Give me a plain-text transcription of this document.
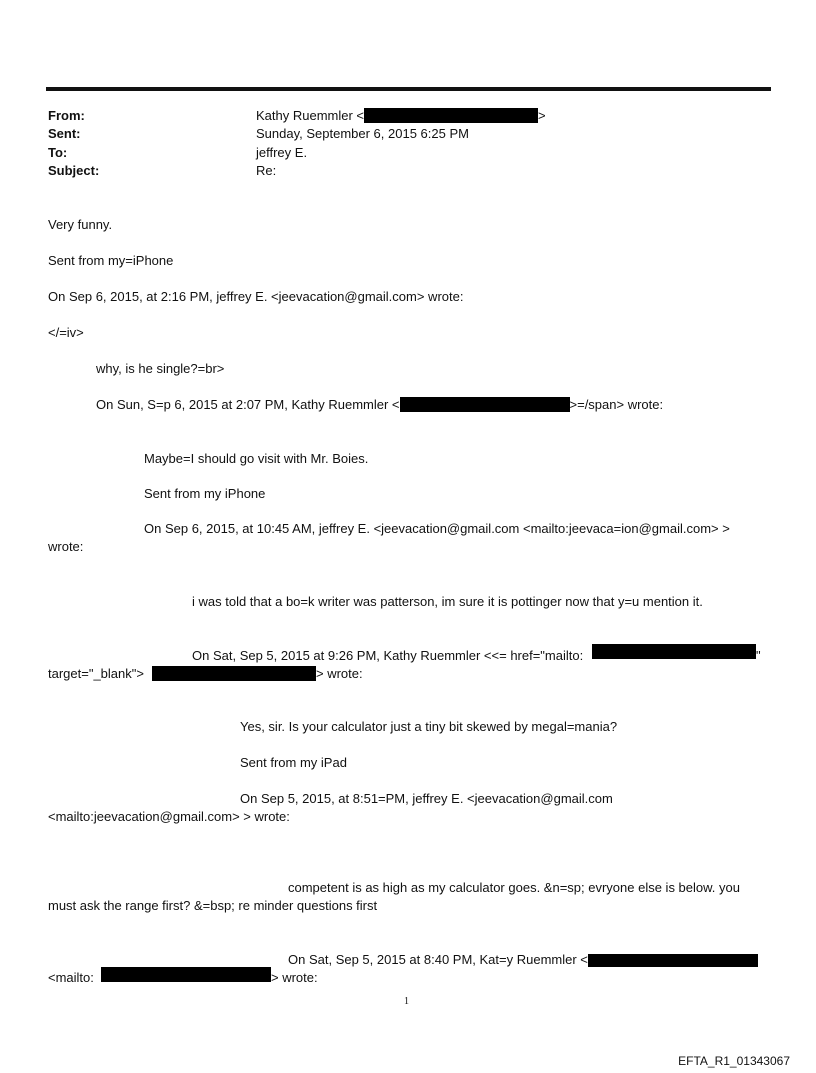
From:	Kathy Ruemmler <	>
Sent:	Sunday, September 6, 2015 6:25 PM
To:	jeffrey E.
Subject:	Re:
Very funny.
Sent from my=iPhone
On Sep 6, 2015, at 2:16 PM, jeffrey E. <jeevacation@gmail.com> wrote:
</=iv>
why, is he single?=br>
On Sun, S=p 6, 2015 at 2:07 PM, Kathy Ruemmler <	>=/span> wrote:
Maybe=I should go visit with Mr. Boies.
Sent from my iPhone
On Sep 6, 2015, at 10:45 AM, jeffrey E. <jeevacation@gmail.com <mailto:jeevaca=ion@gmail.com> >
wrote:
i was told that a bo=k writer was patterson, im sure it is pottinger now that y=u mention it.
On Sat, Sep 5, 2015 at 9:26 PM, Kathy Ruemmler <<= href="mailto:	"
target="_blank">	> wrote:
Yes, sir. Is your calculator just a tiny bit skewed by megal=mania?
Sent from my iPad
On Sep 5, 2015, at 8:51=PM, jeffrey E. <jeevacation@gmail.com
<mailto:jeevacation@gmail.com> > wrote:
competent is as high as my calculator goes. &n=sp; evryone else is below. you
must ask the range first? &=bsp; re minder questions first
On Sat, Sep 5, 2015 at 8:40 PM, Kat=y Ruemmler <
<mailto:	> wrote:
1
EFTA_R1_01343067
